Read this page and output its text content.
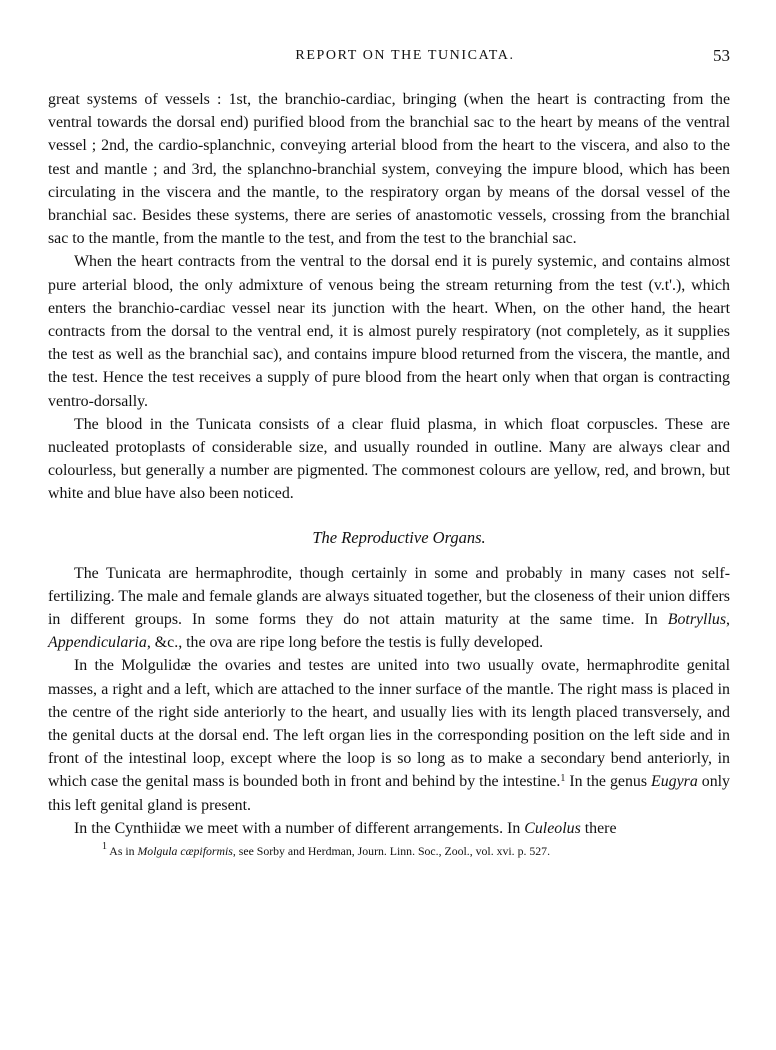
REPORT ON THE TUNICATA.	53

great systems of vessels : 1st, the branchio-cardiac, bringing (when the heart is contracting from the ventral towards the dorsal end) purified blood from the branchial sac to the heart by means of the ventral vessel ; 2nd, the cardio-splanchnic, conveying arterial blood from the heart to the viscera, and also to the test and mantle ; and 3rd, the splanchno-branchial system, conveying the impure blood, which has been circulating in the viscera and the mantle, to the respiratory organ by means of the dorsal vessel of the branchial sac. Besides these systems, there are series of anastomotic vessels, crossing from the branchial sac to the mantle, from the mantle to the test, and from the test to the branchial sac.

When the heart contracts from the ventral to the dorsal end it is purely systemic, and contains almost pure arterial blood, the only admixture of venous being the stream returning from the test (v.t'.), which enters the branchio-cardiac vessel near its junction with the heart. When, on the other hand, the heart contracts from the dorsal to the ventral end, it is almost purely respiratory (not completely, as it supplies the test as well as the branchial sac), and contains impure blood returned from the viscera, the mantle, and the test. Hence the test receives a supply of pure blood from the heart only when that organ is contracting ventro-dorsally.

The blood in the Tunicata consists of a clear fluid plasma, in which float corpuscles. These are nucleated protoplasts of considerable size, and usually rounded in outline. Many are always clear and colourless, but generally a number are pigmented. The commonest colours are yellow, red, and brown, but white and blue have also been noticed.

The Reproductive Organs.

The Tunicata are hermaphrodite, though certainly in some and probably in many cases not self-fertilizing. The male and female glands are always situated together, but the closeness of their union differs in different groups. In some forms they do not attain maturity at the same time. In Botryllus, Appendicularia, &c., the ova are ripe long before the testis is fully developed.

In the Molgulidæ the ovaries and testes are united into two usually ovate, hermaphrodite genital masses, a right and a left, which are attached to the inner surface of the mantle. The right mass is placed in the centre of the right side anteriorly to the heart, and usually lies with its length placed transversely, and the genital ducts at the dorsal end. The left organ lies in the corresponding position on the left side and in front of the intestinal loop, except where the loop is so long as to make a secondary bend anteriorly, in which case the genital mass is bounded both in front and behind by the intestine.$^1$ In the genus Eugyra only this left genital gland is present.

In the Cynthiidæ we meet with a number of different arrangements. In Culeolus there

$^1$ As in Molgula cæpiformis, see Sorby and Herdman, Journ. Linn. Soc., Zool., vol. xvi. p. 527.
